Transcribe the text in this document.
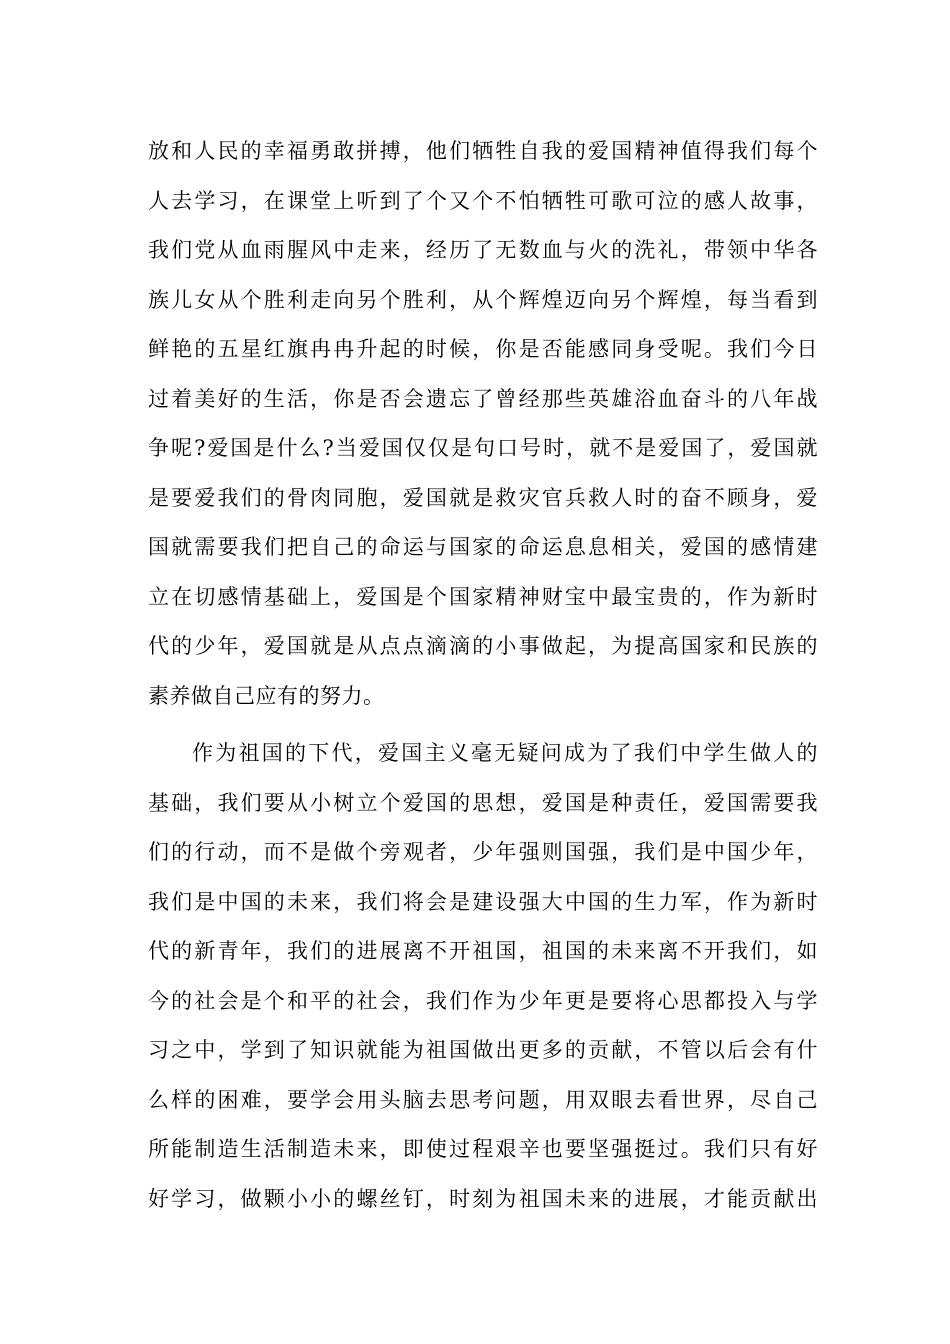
放和人民的幸福勇敢拼搏，他们牺牲自我的爱国精神值得我们每个
人去学习，在课堂上听到了个又个不怕牺牲可歌可泣的感人故事，
我们党从血雨腥风中走来，经历了无数血与火的洗礼，带领中华各
族儿女从个胜利走向另个胜利，从个辉煌迈向另个辉煌，每当看到
鲜艳的五星红旗冉冉升起的时候，你是否能感同身受呢。我们今日
过着美好的生活，你是否会遗忘了曾经那些英雄浴血奋斗的八年战
争呢?爱国是什么?当爱国仅仅是句口号时，就不是爱国了，爱国就
是要爱我们的骨肉同胞，爱国就是救灾官兵救人时的奋不顾身，爱
国就需要我们把自己的命运与国家的命运息息相关，爱国的感情建
立在切感情基础上，爱国是个国家精神财宝中最宝贵的，作为新时
代的少年，爱国就是从点点滴滴的小事做起，为提高国家和民族的
素养做自己应有的努力。
作为祖国的下代，爱国主义毫无疑问成为了我们中学生做人的
基础，我们要从小树立个爱国的思想，爱国是种责任，爱国需要我
们的行动，而不是做个旁观者，少年强则国强，我们是中国少年，
我们是中国的未来，我们将会是建设强大中国的生力军，作为新时
代的新青年，我们的进展离不开祖国，祖国的未来离不开我们，如
今的社会是个和平的社会，我们作为少年更是要将心思都投入与学
习之中，学到了知识就能为祖国做出更多的贡献，不管以后会有什
么样的困难，要学会用头脑去思考问题，用双眼去看世界，尽自己
所能制造生活制造未来，即使过程艰辛也要坚强挺过。我们只有好
好学习，做颗小小的螺丝钉，时刻为祖国未来的进展，才能贡献出
